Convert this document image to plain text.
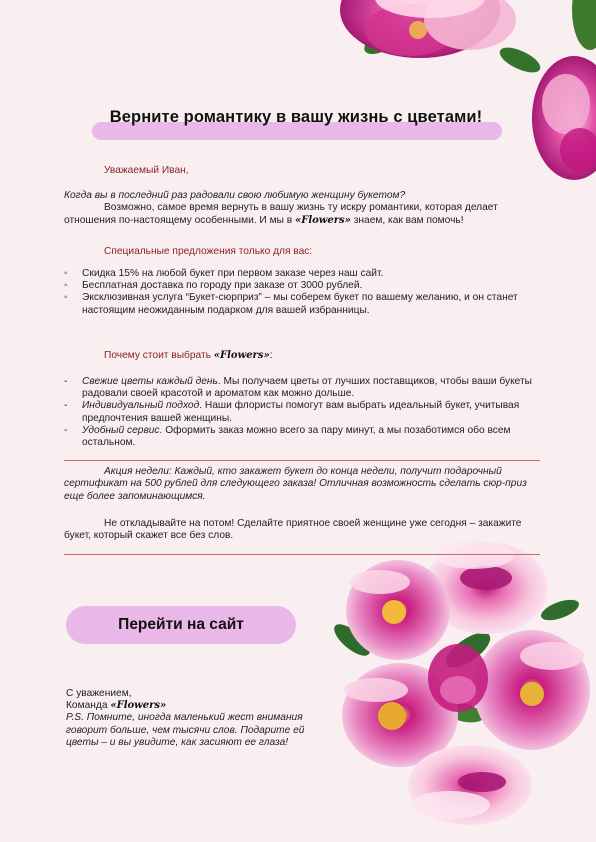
Верните романтику в вашу жизнь с цветами!
Уважаемый Иван,
Когда вы в последний раз радовали свою любимую женщину букетом?
Возможно, самое время вернуть в вашу жизнь ту искру романтики, которая делает отношения по-настоящему особенными. И мы в «Flowers» знаем, как вам помочь!
Специальные предложения только для вас:
◦ Скидка 15% на любой букет при первом заказе через наш сайт.
◦ Бесплатная доставка по городу при заказе от 3000 рублей.
◦ Эксклюзивная услуга “Букет-сюрприз” – мы соберем букет по вашему желанию, и он станет настоящим неожиданным подарком для вашей избранницы.
Почему стоит выбрать «Flowers»:
- Свежие цветы каждый день. Мы получаем цветы от лучших поставщиков, чтобы ваши букеты радовали своей красотой и ароматом как можно дольше.
- Индивидуальный подход. Наши флористы помогут вам выбрать идеальный букет, учитывая предпочтения вашей женщины.
- Удобный сервис. Оформить заказ можно всего за пару минут, а мы позаботимся обо всем остальном.
Акция недели: Каждый, кто закажет букет до конца недели, получит подарочный сертификат на 500 рублей для следующего заказа! Отличная возможность сделать сюр-приз еще более запоминающимся.
Не откладывайте на потом! Сделайте приятное своей женщине уже сегодня – закажите букет, который скажет все без слов.
Перейти на сайт
С уважением,
Команда «Flowers»
P.S. Помните, иногда маленький жест внимания говорит больше, чем тысячи слов. Подарите ей цветы – и вы увидите, как засияют ее глаза!
